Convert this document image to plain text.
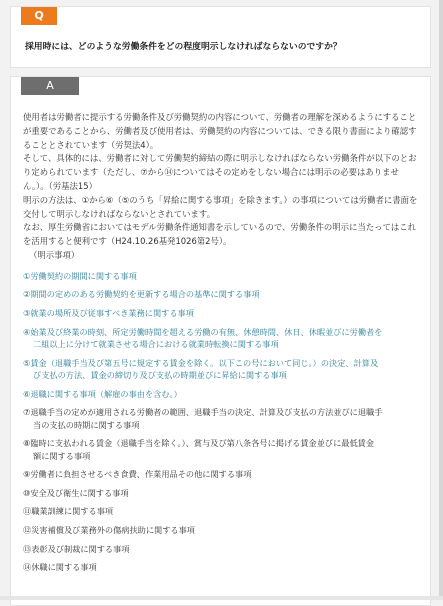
Q
採用時には、どのような労働条件をどの程度明示しなければならないのですか？
A

使用者は労働者に提示する労働条件及び労働契約の内容について、労働者の理解を深めるようにすることが重要であることから、労働者及び使用者は、労働契約の内容については、できる限り書面により確認することとされています（労契法4）。

そして、具体的には、労働者に対して労働契約締結の際に明示しなければならない労働条件が以下のとおり定められています（ただし、⑦から⑭についてはその定めをしない場合には明示の必要はありません。）。（労基法15）

明示の方法は、①から⑥（⑤のうち「昇給に関する事項」を除きます。）の事項については労働者に書面を交付して明示しなければならないとされています。

なお、厚生労働省においてはモデル労働条件通知書を示しているので、労働条件の明示に当たってはこれを活用すると便利です（H24.10.26基発1026第2号）。

（明示事項）

①労働契約の期間に関する事項

②期間の定めのある労働契約を更新する場合の基準に関する事項

③就業の場所及び従事すべき業務に関する事項

④始業及び終業の時刻、所定労働時間を超える労働の有無、休憩時間、休日、休暇並びに労働者を
二組以上に分けて就業させる場合における就業時転換に関する事項

⑤賃金（退職手当及び第五号に規定する賃金を除く。以下この号において同じ。）の決定、計算及
び支払の方法、賃金の締切り及び支払の時期並びに昇給に関する事項

⑥退職に関する事項（解雇の事由を含む。）

⑦退職手当の定めが適用される労働者の範囲、退職手当の決定、計算及び支払の方法並びに退職手
当の支払の時期に関する事項

⑧臨時に支払われる賃金（退職手当を除く。）、賞与及び第八条各号に掲げる賃金並びに最低賃金
額に関する事項

⑨労働者に負担させるべき食費、作業用品その他に関する事項

⑩安全及び衛生に関する事項

⑪職業訓練に関する事項

⑫災害補償及び業務外の傷病扶助に関する事項

⑬表彰及び制裁に関する事項

⑭休職に関する事項
